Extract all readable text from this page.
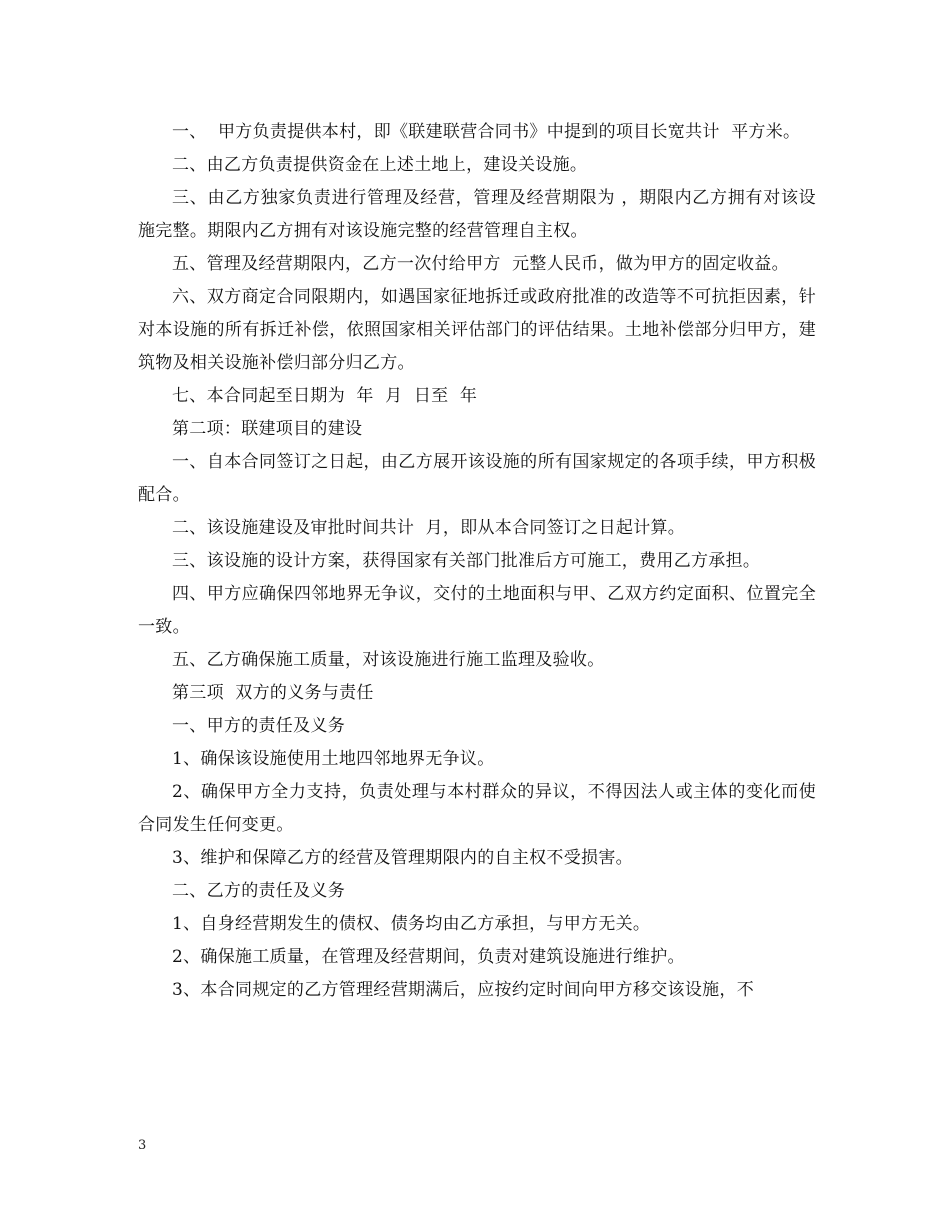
一、  甲方负责提供本村，即《联建联营合同书》中提到的项目长宽共计  平方米。

二、由乙方负责提供资金在上述土地上，建设关设施。

三、由乙方独家负责进行管理及经营，管理及经营期限为 ，期限内乙方拥有对该设施完整。期限内乙方拥有对该设施完整的经营管理自主权。

五、管理及经营期限内，乙方一次付给甲方  元整人民币，做为甲方的固定收益。

六、双方商定合同限期内，如遇国家征地拆迁或政府批准的改造等不可抗拒因素，针对本设施的所有拆迁补偿，依照国家相关评估部门的评估结果。土地补偿部分归甲方，建筑物及相关设施补偿归部分归乙方。

七、本合同起至日期为  年  月  日至  年

第二项：联建项目的建设

一、自本合同签订之日起，由乙方展开该设施的所有国家规定的各项手续，甲方积极配合。

二、该设施建设及审批时间共计  月，即从本合同签订之日起计算。

三、该设施的设计方案，获得国家有关部门批准后方可施工，费用乙方承担。

四、甲方应确保四邻地界无争议，交付的土地面积与甲、乙双方约定面积、位置完全一致。

五、乙方确保施工质量，对该设施进行施工监理及验收。

第三项  双方的义务与责任

一、甲方的责任及义务

1、确保该设施使用土地四邻地界无争议。

2、确保甲方全力支持，负责处理与本村群众的异议，不得因法人或主体的变化而使合同发生任何变更。

3、维护和保障乙方的经营及管理期限内的自主权不受损害。

二、乙方的责任及义务

1、自身经营期发生的债权、债务均由乙方承担，与甲方无关。

2、确保施工质量，在管理及经营期间，负责对建筑设施进行维护。

3、本合同规定的乙方管理经营期满后，应按约定时间向甲方移交该设施，不

3
